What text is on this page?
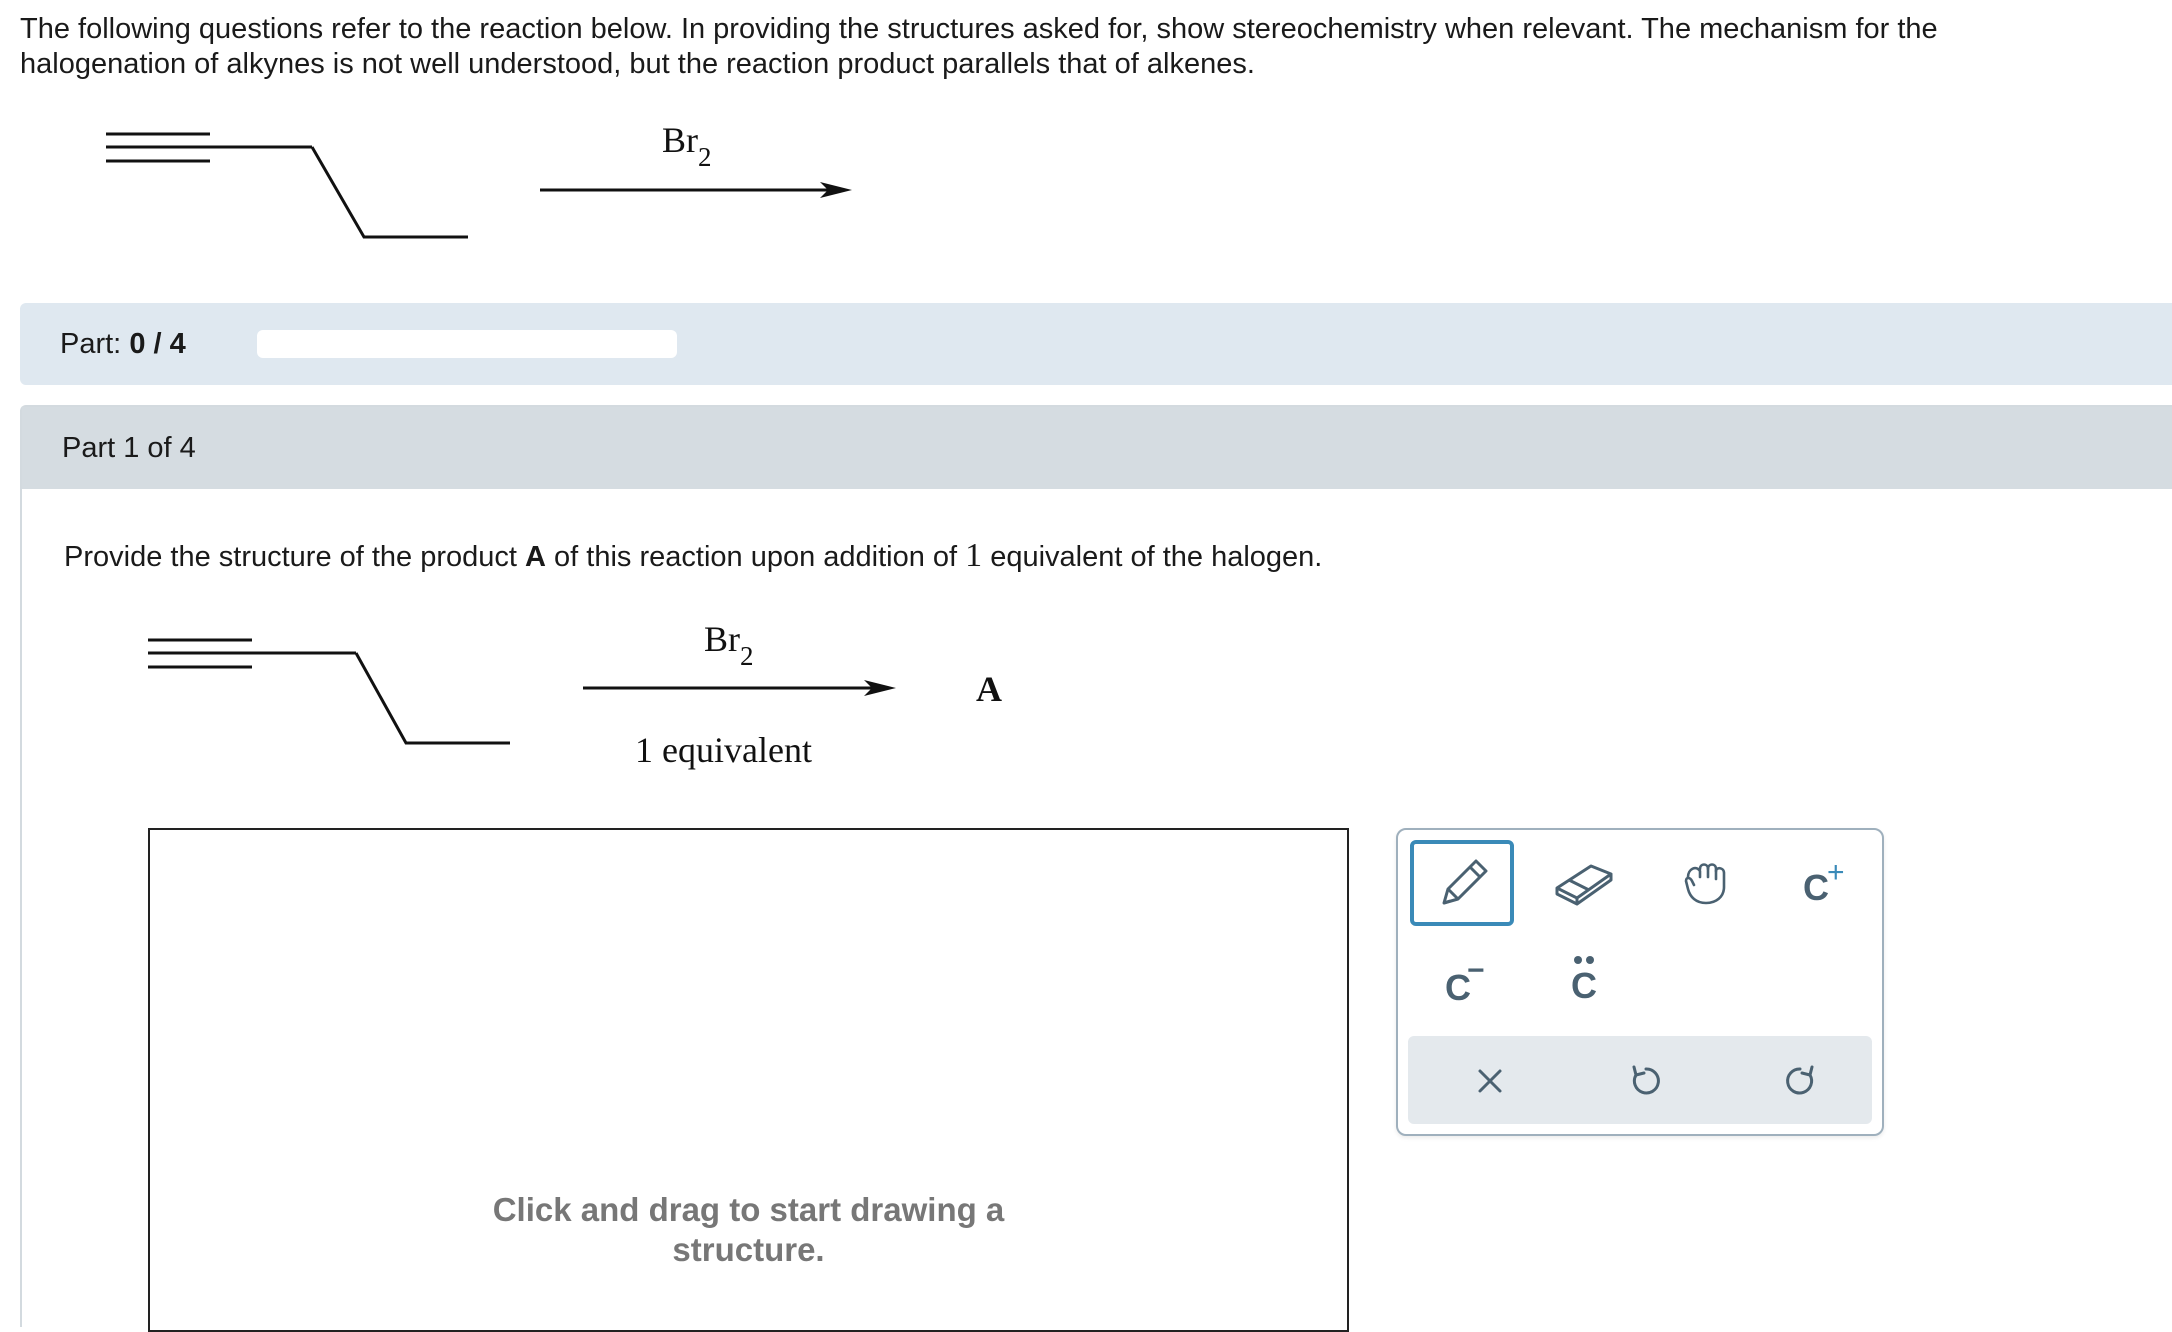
The following questions refer to the reaction below. In providing the structures asked for, show stereochemistry when relevant. The mechanism for the
halogenation of alkynes is not well understood, but the reaction product parallels that of alkenes.

$Br_2$
Part: 0 / 4
Part 1 of 4
Provide the structure of the product A of this reaction upon addition of 1 equivalent of the halogen.
$Br_2$
1 equivalent
A
Click and drag to start drawing a
structure.
C
+
C
− C
